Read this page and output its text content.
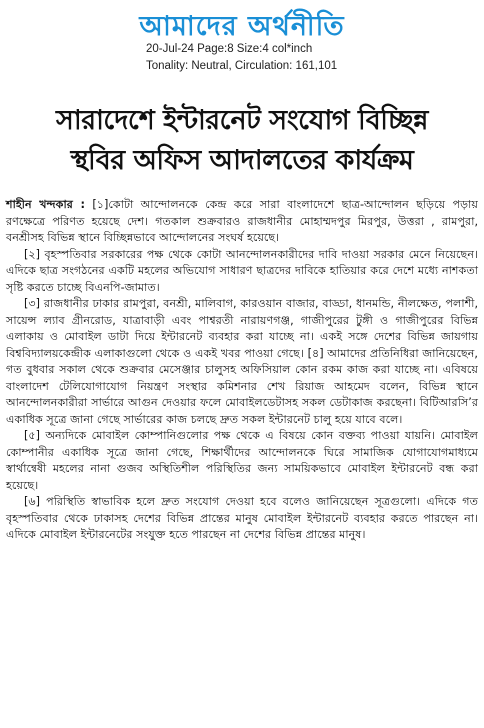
আমাদের অর্থনীতি
20-Jul-24 Page:8 Size:4 col*inch
Tonality: Neutral, Circulation: 161,101
সারাদেশে ইন্টারনেট সংযোগ বিচ্ছিন্ন
স্থবির অফিস আদালতের কার্যক্রম

শাহীন খন্দকার : [১]কোটা আন্দোলনকে কেন্দ্র করে সারা বাংলাদেশে ছাত্র-আন্দোলন ছড়িয়ে পড়ায় রণক্ষেত্রে পরিণত হয়েছে দেশ। গতকাল শুক্রবারও রাজধানীর মোহাম্মদপুর মিরপুর, উত্তরা , রামপুরা, বনশ্রীসহ বিভিন্ন স্থানে বিচ্ছিন্নভাবে আন্দোলনের সংঘর্ষ হয়েছে।

[২] বৃহস্পতিবার সরকারের পক্ষ থেকে কোটা আনন্দোলনকারীদের দাবি দাওয়া সরকার মেনে নিয়েছেন। এদিকে ছাত্র সংগঠনের একটি মহলের অভিযোগ সাধারণ ছাত্রদের দাবিকে হাতিয়ার করে দেশে মধ্যে নাশকতা সৃষ্টি করতে চাচ্ছে বিএনপি-জামাত।

[৩] রাজধানীর ঢাকার রামপুরা, বনশ্রী, মালিবাগ, কারওয়ান বাজার, বাড্ডা, ধানমন্ডি, নীলক্ষেত, পলাশী, সায়েন্স ল্যাব গ্রীনরোড, যাত্রাবাড়ী এবং পাশ্বরতী নারায়ণগঞ্জ, গাজীপুরের টুঙ্গী ও গাজীপুরের বিভিন্ন এলাকায় ও মোবাইল ডাটা দিয়ে ইন্টারনেট ব্যবহার করা যাচ্ছে না। একই সঙ্গে দেশের বিভিন্ন জায়গায় বিশ্ববিদ্যালয়কেন্দ্রীক এলাকাগুলো থেকে ও একই খবর পাওয়া গেছে। [৪] আমাদের প্রতিনিধিরা জানিয়েছেন, গত বুধবার সকাল থেকে শুক্রবার মেসেঞ্জার চালুসহ অফিসিয়াল কোন রকম কাজ করা যাচ্ছে না। এবিষয়ে বাংলাদেশ টেলিযোগাযোগ নিয়ন্ত্রণ সংস্থার কমিশনার শেখ রিয়াজ আহমেদ বলেন, বিভিন্ন স্থানে আনন্দোলনকারীরা সার্ভারে আগুন দেওয়ার ফলে মোবাইলডেটাসহ সকল ডেটাকাজ করছেনা। বিটিআরসি’র একাধিক সূত্রে জানা গেছে সার্ভারের কাজ চলছে দ্রুত সকল ইন্টারনেট চালু হয়ে যাবে বলে।

[৫] অন্যদিকে মোবাইল কোম্পানিগুলোর পক্ষ থেকে এ বিষয়ে কোন বক্তব্য পাওয়া যায়নি। মোবাইল কোম্পানীর একাধিক সূত্রে জানা গেছে, শিক্ষার্থীদের আন্দোলনকে ঘিরে সামাজিক যোগাযোগমাধ্যমে স্বার্থান্বেষী মহলের নানা গুজব অস্থিতিশীল পরিস্থিতির জন্য সাময়িকভাবে মোবাইল ইন্টারনেট বন্ধ করা হয়েছে।

[৬] পরিস্থিতি স্বাভাবিক হলে দ্রুত সংযোগ দেওয়া হবে বলেও জানিয়েছেন সূত্রগুলো। এদিকে গত বৃহস্পতিবার থেকে ঢাকাসহ দেশের বিভিন্ন প্রান্তের মানুষ মোবাইল ইন্টারনেট ব্যবহার করতে পারছেন না। এদিকে মোবাইল ইন্টারনেটের সংযুক্ত হতে পারছেন না দেশের বিভিন্ন প্রান্তের মানুষ।
